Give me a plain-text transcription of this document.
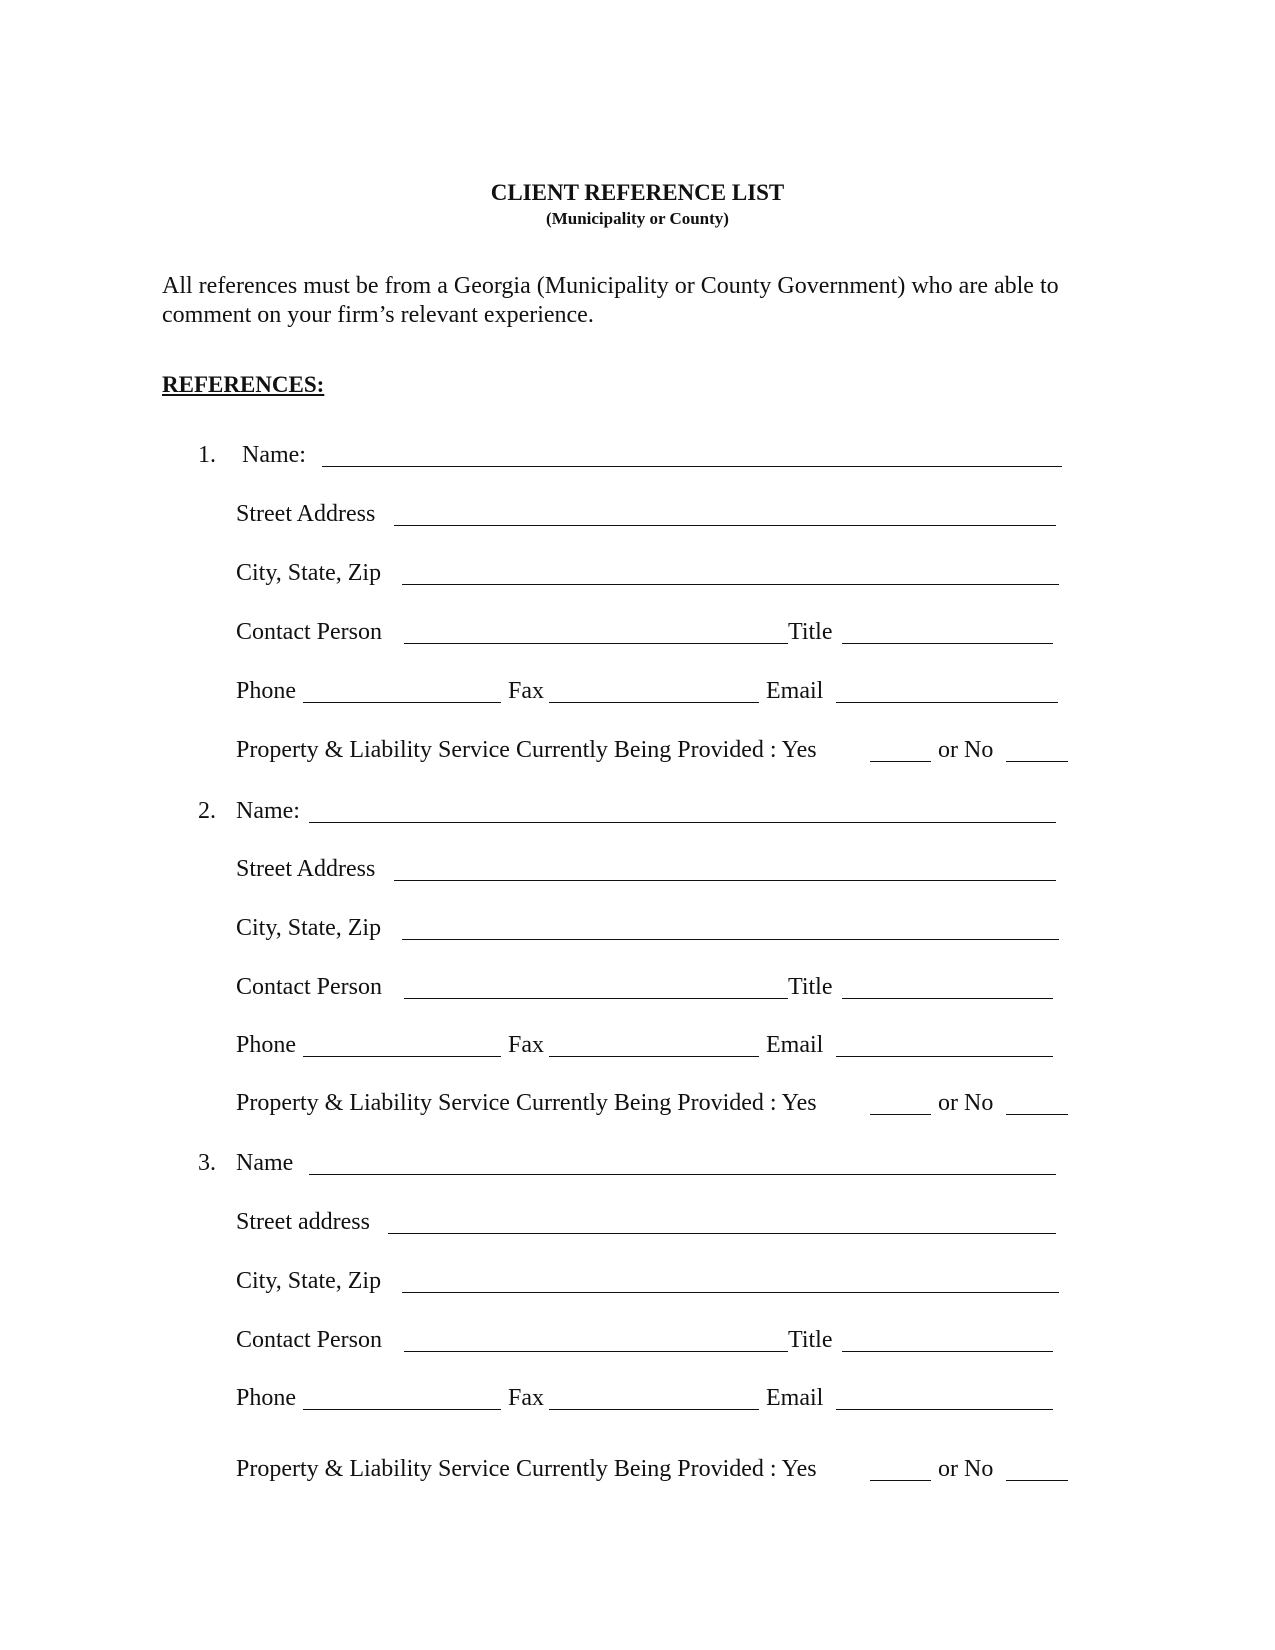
CLIENT REFERENCE LIST
(Municipality or County)
All references must be from a Georgia (Municipality or County Government) who are able to comment on your firm’s relevant experience.
REFERENCES:
1. Name:
Street Address
City, State, Zip
Contact Person	Title
Phone	Fax	Email
Property & Liability Service Currently Being Provided : Yes	or No
2. Name:
Street Address
City, State, Zip
Contact Person	Title
Phone	Fax	Email
Property & Liability Service Currently Being Provided : Yes	or No
3. Name
Street address
City, State, Zip
Contact Person	Title
Phone	Fax	Email
Property & Liability Service Currently Being Provided : Yes	or No
